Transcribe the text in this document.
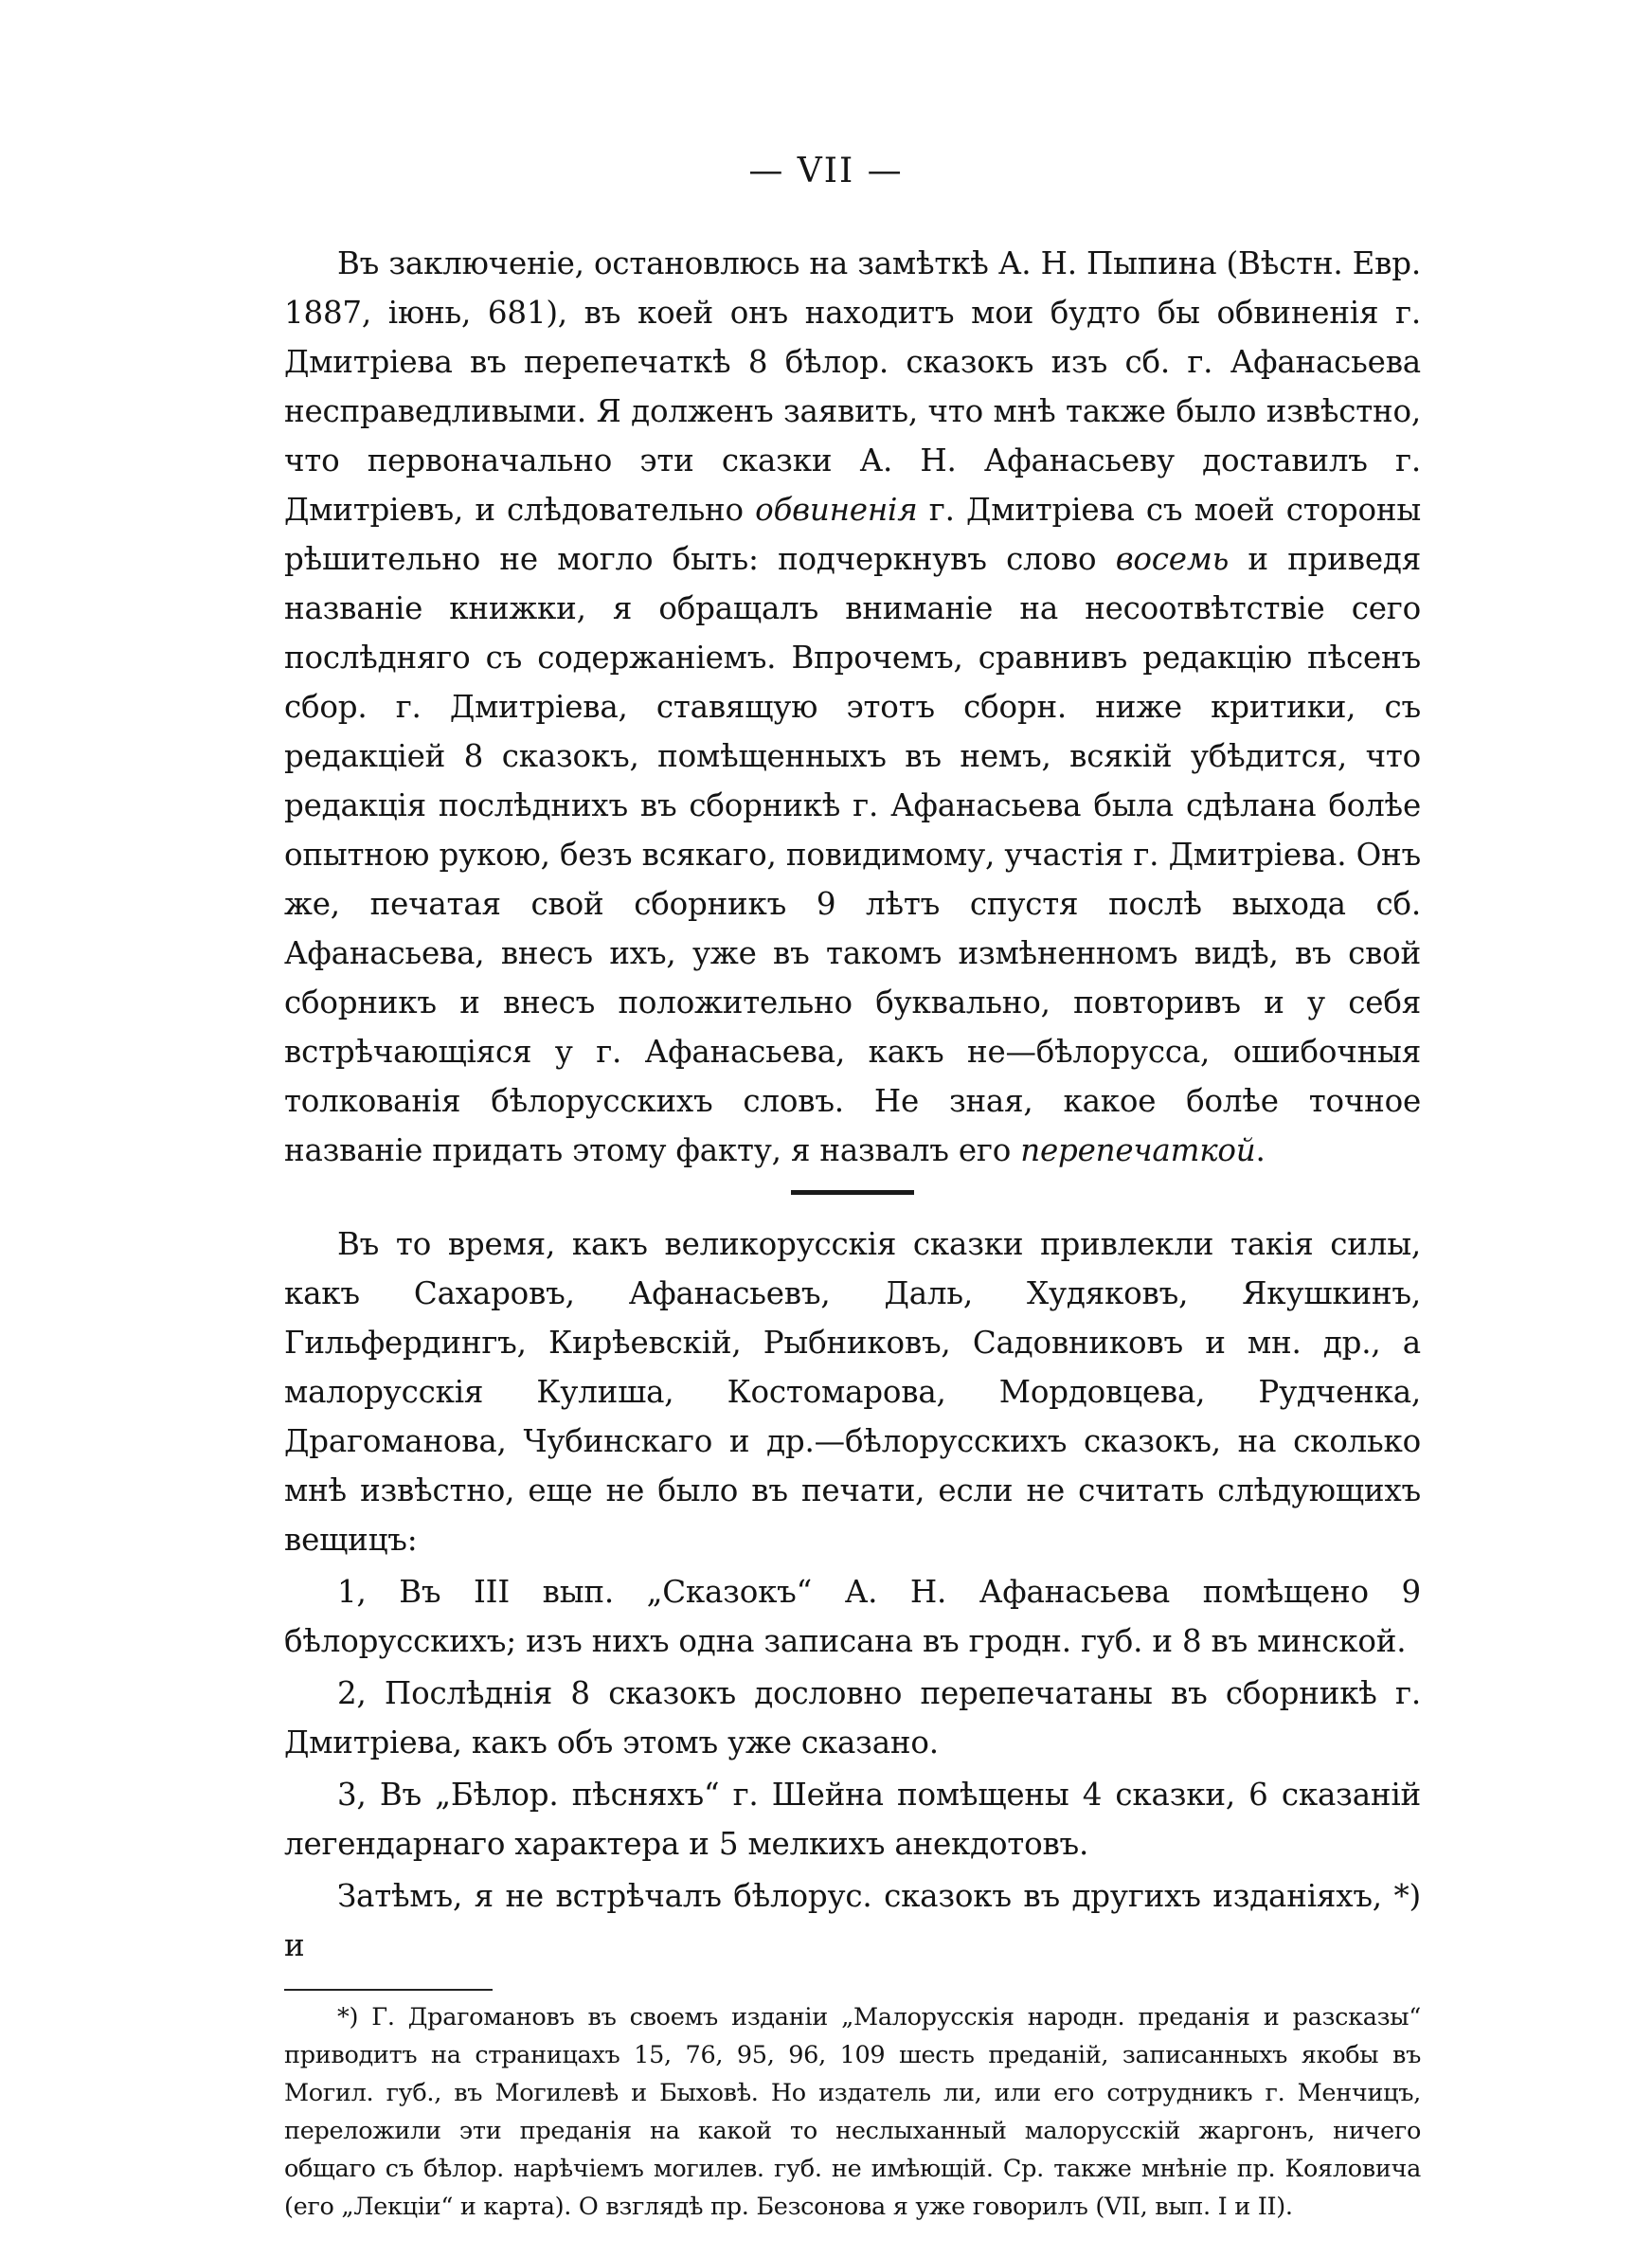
— VII —

Въ заключеніе, остановлюсь на замѣткѣ А. Н. Пыпина (Вѣстн. Евр. 1887, іюнь, 681), въ коей онъ находитъ мои будто бы обвиненія г. Дмитріева въ перепечаткѣ 8 бѣлор. сказокъ изъ сб. г. Афанасьева несправедливыми. Я долженъ заявить, что мнѣ также было извѣстно, что первоначально эти сказки А. Н. Афанасьеву доставилъ г. Дмитріевъ, и слѣдовательно обвиненія г. Дмитріева съ моей стороны рѣшительно не могло быть: подчеркнувъ слово восемь и приведя названіе книжки, я обращалъ вниманіе на несоотвѣтствіе сего послѣдняго съ содержаніемъ. Впрочемъ, сравнивъ редакцію пѣсенъ сбор. г. Дмитріева, ставящую этотъ сборн. ниже критики, съ редакціей 8 сказокъ, помѣщенныхъ въ немъ, всякій убѣдится, что редакція послѣднихъ въ сборникѣ г. Афанасьева была сдѣлана болѣе опытною рукою, безъ всякаго, повидимому, участія г. Дмитріева. Онъ же, печатая свой сборникъ 9 лѣтъ спустя послѣ выхода сб. Афанасьева, внесъ ихъ, уже въ такомъ измѣненномъ видѣ, въ свой сборникъ и внесъ положительно буквально, повторивъ и у себя встрѣчающіяся у г. Афанасьева, какъ не—бѣлорусса, ошибочныя толкованія бѣлорусскихъ словъ. Не зная, какое болѣе точное названіе придать этому факту, я назвалъ его перепечаткой.

Въ то время, какъ великорусскія сказки привлекли такія силы, какъ Сахаровъ, Афанасьевъ, Даль, Худяковъ, Якушкинъ, Гильфердингъ, Кирѣевскій, Рыбниковъ, Садовниковъ и мн. др., а малорусскія Кулиша, Костомарова, Мордовцева, Рудченка, Драгоманова, Чубинскаго и др.—бѣлорусскихъ сказокъ, на сколько мнѣ извѣстно, еще не было въ печати, если не считать слѣдующихъ вещицъ:

1, Въ III вып. „Сказокъ“ А. Н. Афанасьева помѣщено 9 бѣлорусскихъ; изъ нихъ одна записана въ гродн. губ. и 8 въ минской.

2, Послѣднія 8 сказокъ дословно перепечатаны въ сборникѣ г. Дмитріева, какъ объ этомъ уже сказано.

3, Въ „Бѣлор. пѣсняхъ“ г. Шейна помѣщены 4 сказки, 6 сказаній легендарнаго характера и 5 мелкихъ анекдотовъ.

Затѣмъ, я не встрѣчалъ бѣлорус. сказокъ въ другихъ изданіяхъ, *) и

*) Г. Драгомановъ въ своемъ изданіи „Малорусскія народн. преданія и разсказы“ приводитъ на страницахъ 15, 76, 95, 96, 109 шесть преданій, записанныхъ якобы въ Могил. губ., въ Могилевѣ и Быховѣ. Но издатель ли, или его сотрудникъ г. Менчицъ, переложили эти преданія на какой то неслыханный малорусскій жаргонъ, ничего общаго съ бѣлор. нарѣчіемъ могилев. губ. не имѣющій. Ср. также мнѣніе пр. Кояловича (его „Лекціи“ и карта). О взглядѣ пр. Безсонова я уже говорилъ (VII, вып. I и II).
